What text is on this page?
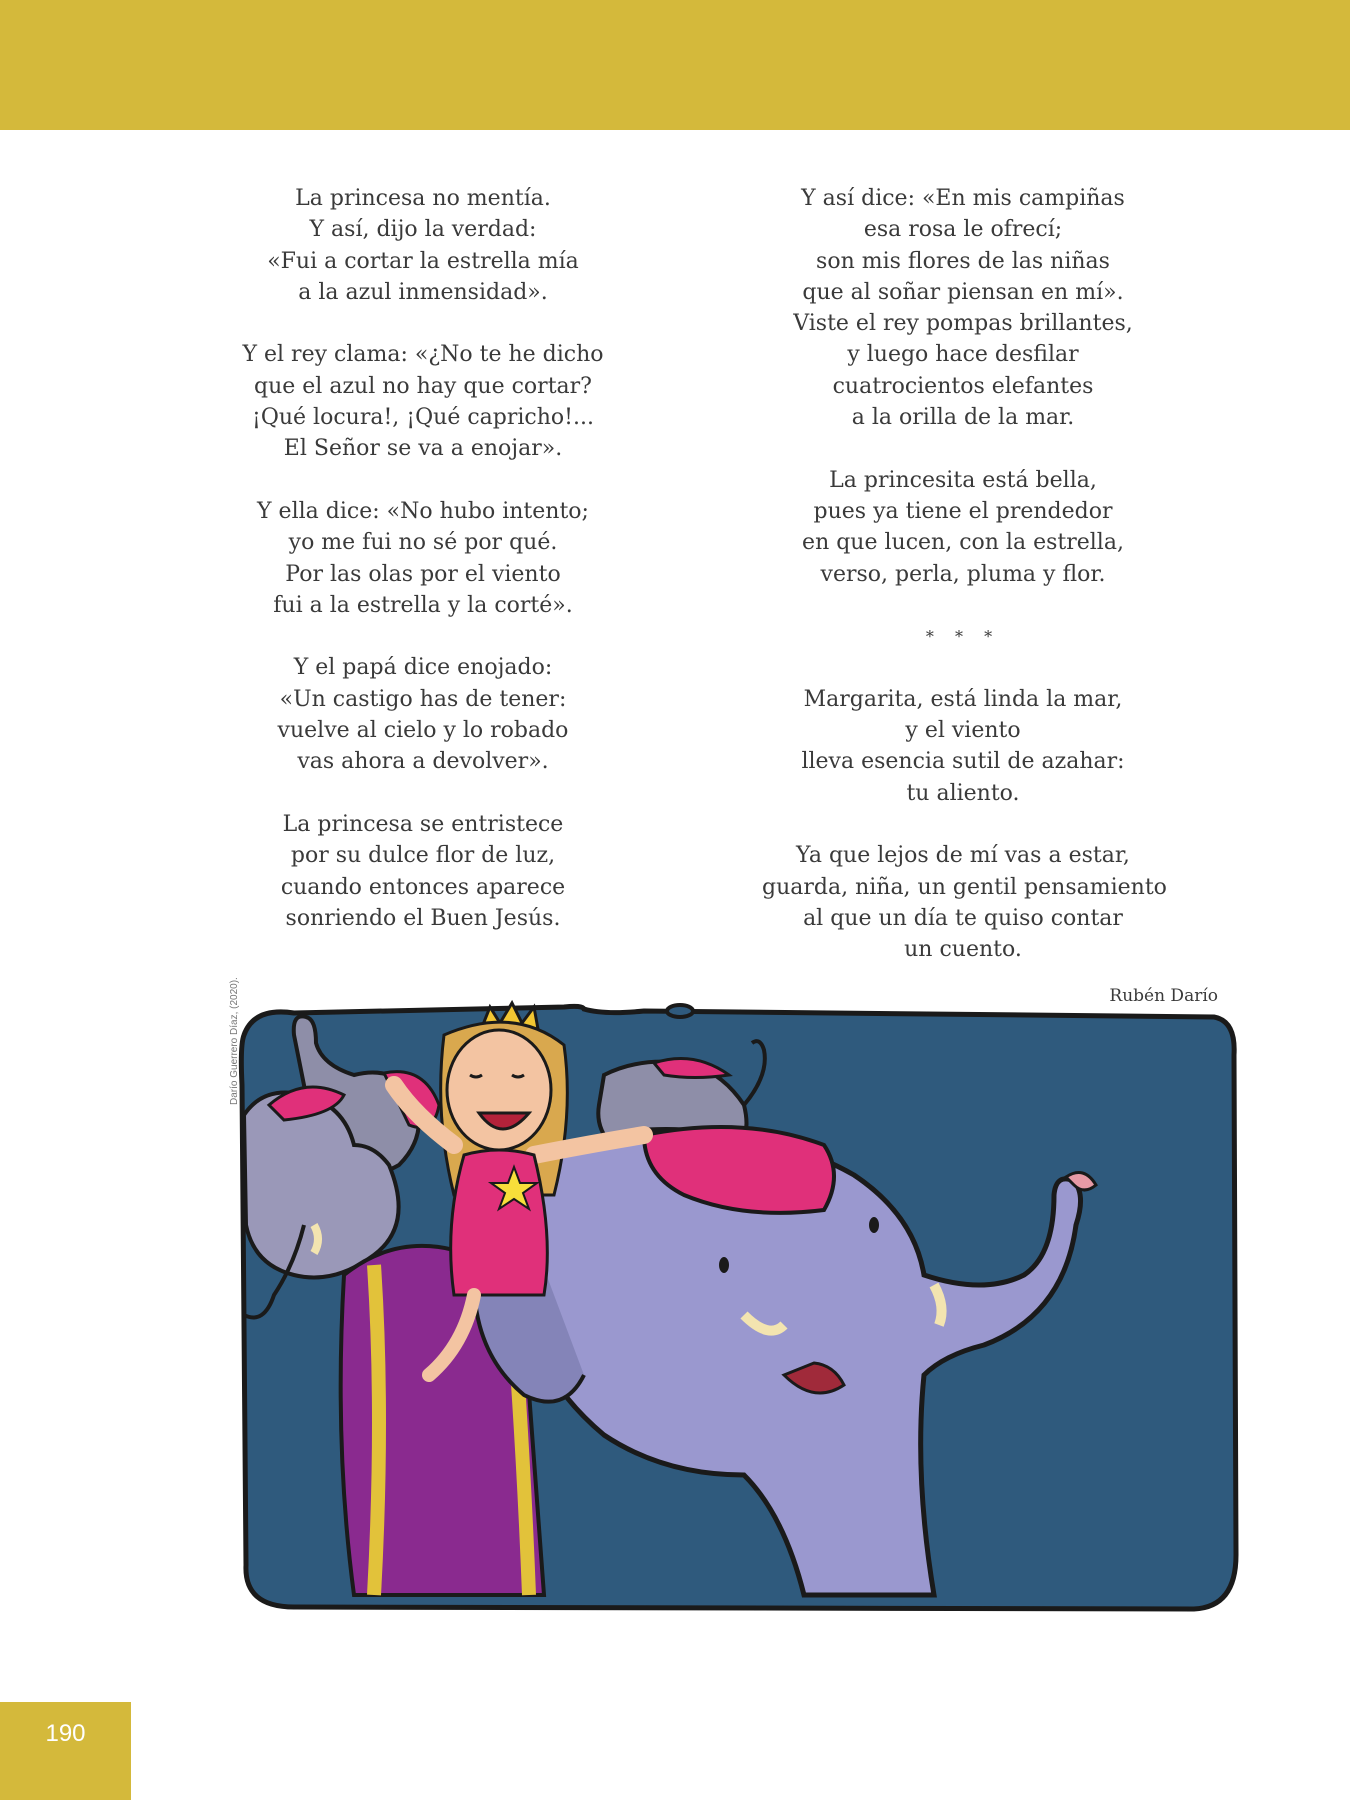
La princesa no mentía.
Y así, dijo la verdad:
«Fui a cortar la estrella mía
a la azul inmensidad».
Y el rey clama: «¿No te he dicho
que el azul no hay que cortar?
¡Qué locura!, ¡Qué capricho!...
El Señor se va a enojar».
Y ella dice: «No hubo intento;
yo me fui no sé por qué.
Por las olas por el viento
fui a la estrella y la corté».
Y el papá dice enojado:
«Un castigo has de tener:
vuelve al cielo y lo robado
vas ahora a devolver».
La princesa se entristece
por su dulce flor de luz,
cuando entonces aparece
sonriendo el Buen Jesús.
Y así dice: «En mis campiñas
esa rosa le ofrecí;
son mis flores de las niñas
que al soñar piensan en mí».
Viste el rey pompas brillantes,
y luego hace desfilar
cuatrocientos elefantes
a la orilla de la mar.
La princesita está bella,
pues ya tiene el prendedor
en que lucen, con la estrella,
verso, perla, pluma y flor.
* * *
Margarita, está linda la mar,
y el viento
lleva esencia sutil de azahar:
tu aliento.
Ya que lejos de mí vas a estar,
guarda, niña, un gentil pensamiento
al que un día te quiso contar
un cuento.
Rubén Darío
Darío Guerrero Díaz, (2020).
190
